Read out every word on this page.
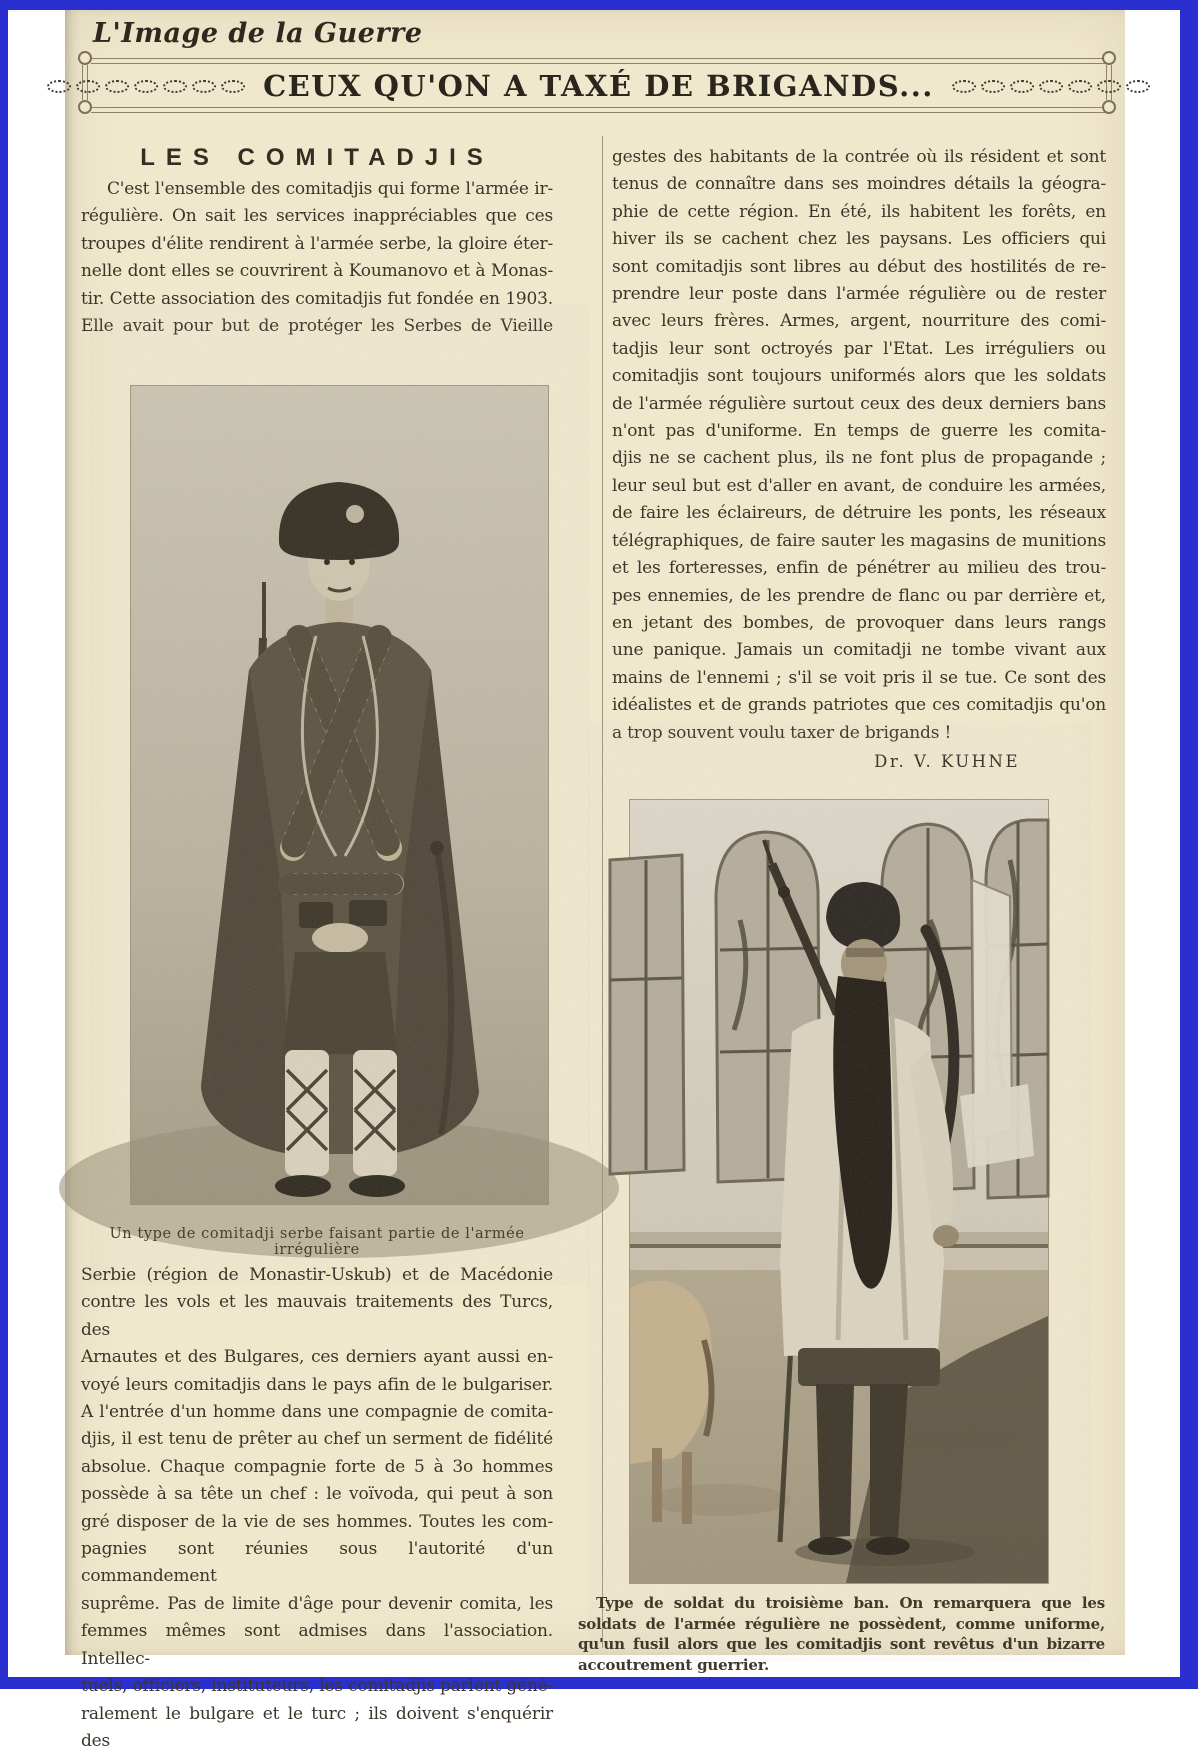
L'Image de la Guerre
CEUX QU'ON A TAXÉ DE BRIGANDS...
LES COMITADJIS
C'est l'ensemble des comitadjis qui forme l'armée ir-
régulière. On sait les services inappréciables que ces
troupes d'élite rendirent à l'armée serbe, la gloire éter-
nelle dont elles se couvrirent à Koumanovo et à Monas-
tir. Cette association des comitadjis fut fondée en 1903.
Elle avait pour but de protéger les Serbes de Vieille
Un type de comitadji serbe faisant partie de l'armée irrégulière
Serbie (région de Monastir-Uskub) et de Macédonie
contre les vols et les mauvais traitements des Turcs, des
Arnautes et des Bulgares, ces derniers ayant aussi en-
voyé leurs comitadjis dans le pays afin de le bulgariser.
A l'entrée d'un homme dans une compagnie de comita-
djis, il est tenu de prêter au chef un serment de fidélité
absolue. Chaque compagnie forte de 5 à 3o hommes
possède à sa tête un chef : le voïvoda, qui peut à son
gré disposer de la vie de ses hommes. Toutes les com-
pagnies sont réunies sous l'autorité d'un commandement
suprême. Pas de limite d'âge pour devenir comita, les
femmes mêmes sont admises dans l'association. Intellec-
tuels, officiers, instituteurs, les comitadjis parlent géné-
ralement le bulgare et le turc ; ils doivent s'enquérir des
gestes des habitants de la contrée où ils résident et sont
tenus de connaître dans ses moindres détails la géogra-
phie de cette région. En été, ils habitent les forêts, en
hiver ils se cachent chez les paysans. Les officiers qui
sont comitadjis sont libres au début des hostilités de re-
prendre leur poste dans l'armée régulière ou de rester
avec leurs frères. Armes, argent, nourriture des comi-
tadjis leur sont octroyés par l'Etat. Les irréguliers ou
comitadjis sont toujours uniformés alors que les soldats
de l'armée régulière surtout ceux des deux derniers bans
n'ont pas d'uniforme. En temps de guerre les comita-
djis ne se cachent plus, ils ne font plus de propagande ;
leur seul but est d'aller en avant, de conduire les armées,
de faire les éclaireurs, de détruire les ponts, les réseaux
télégraphiques, de faire sauter les magasins de munitions
et les forteresses, enfin de pénétrer au milieu des trou-
pes ennemies, de les prendre de flanc ou par derrière et,
en jetant des bombes, de provoquer dans leurs rangs
une panique. Jamais un comitadji ne tombe vivant aux
mains de l'ennemi ; s'il se voit pris il se tue. Ce sont des
idéalistes et de grands patriotes que ces comitadjis qu'on
a trop souvent voulu taxer de brigands !
Dr. V. KUHNE
Type de soldat du troisième ban. On remarquera que les soldats de l'armée régulière ne possèdent, comme uniforme, qu'un fusil alors que les comitadjis sont revêtus d'un bizarre accoutrement guerrier.
